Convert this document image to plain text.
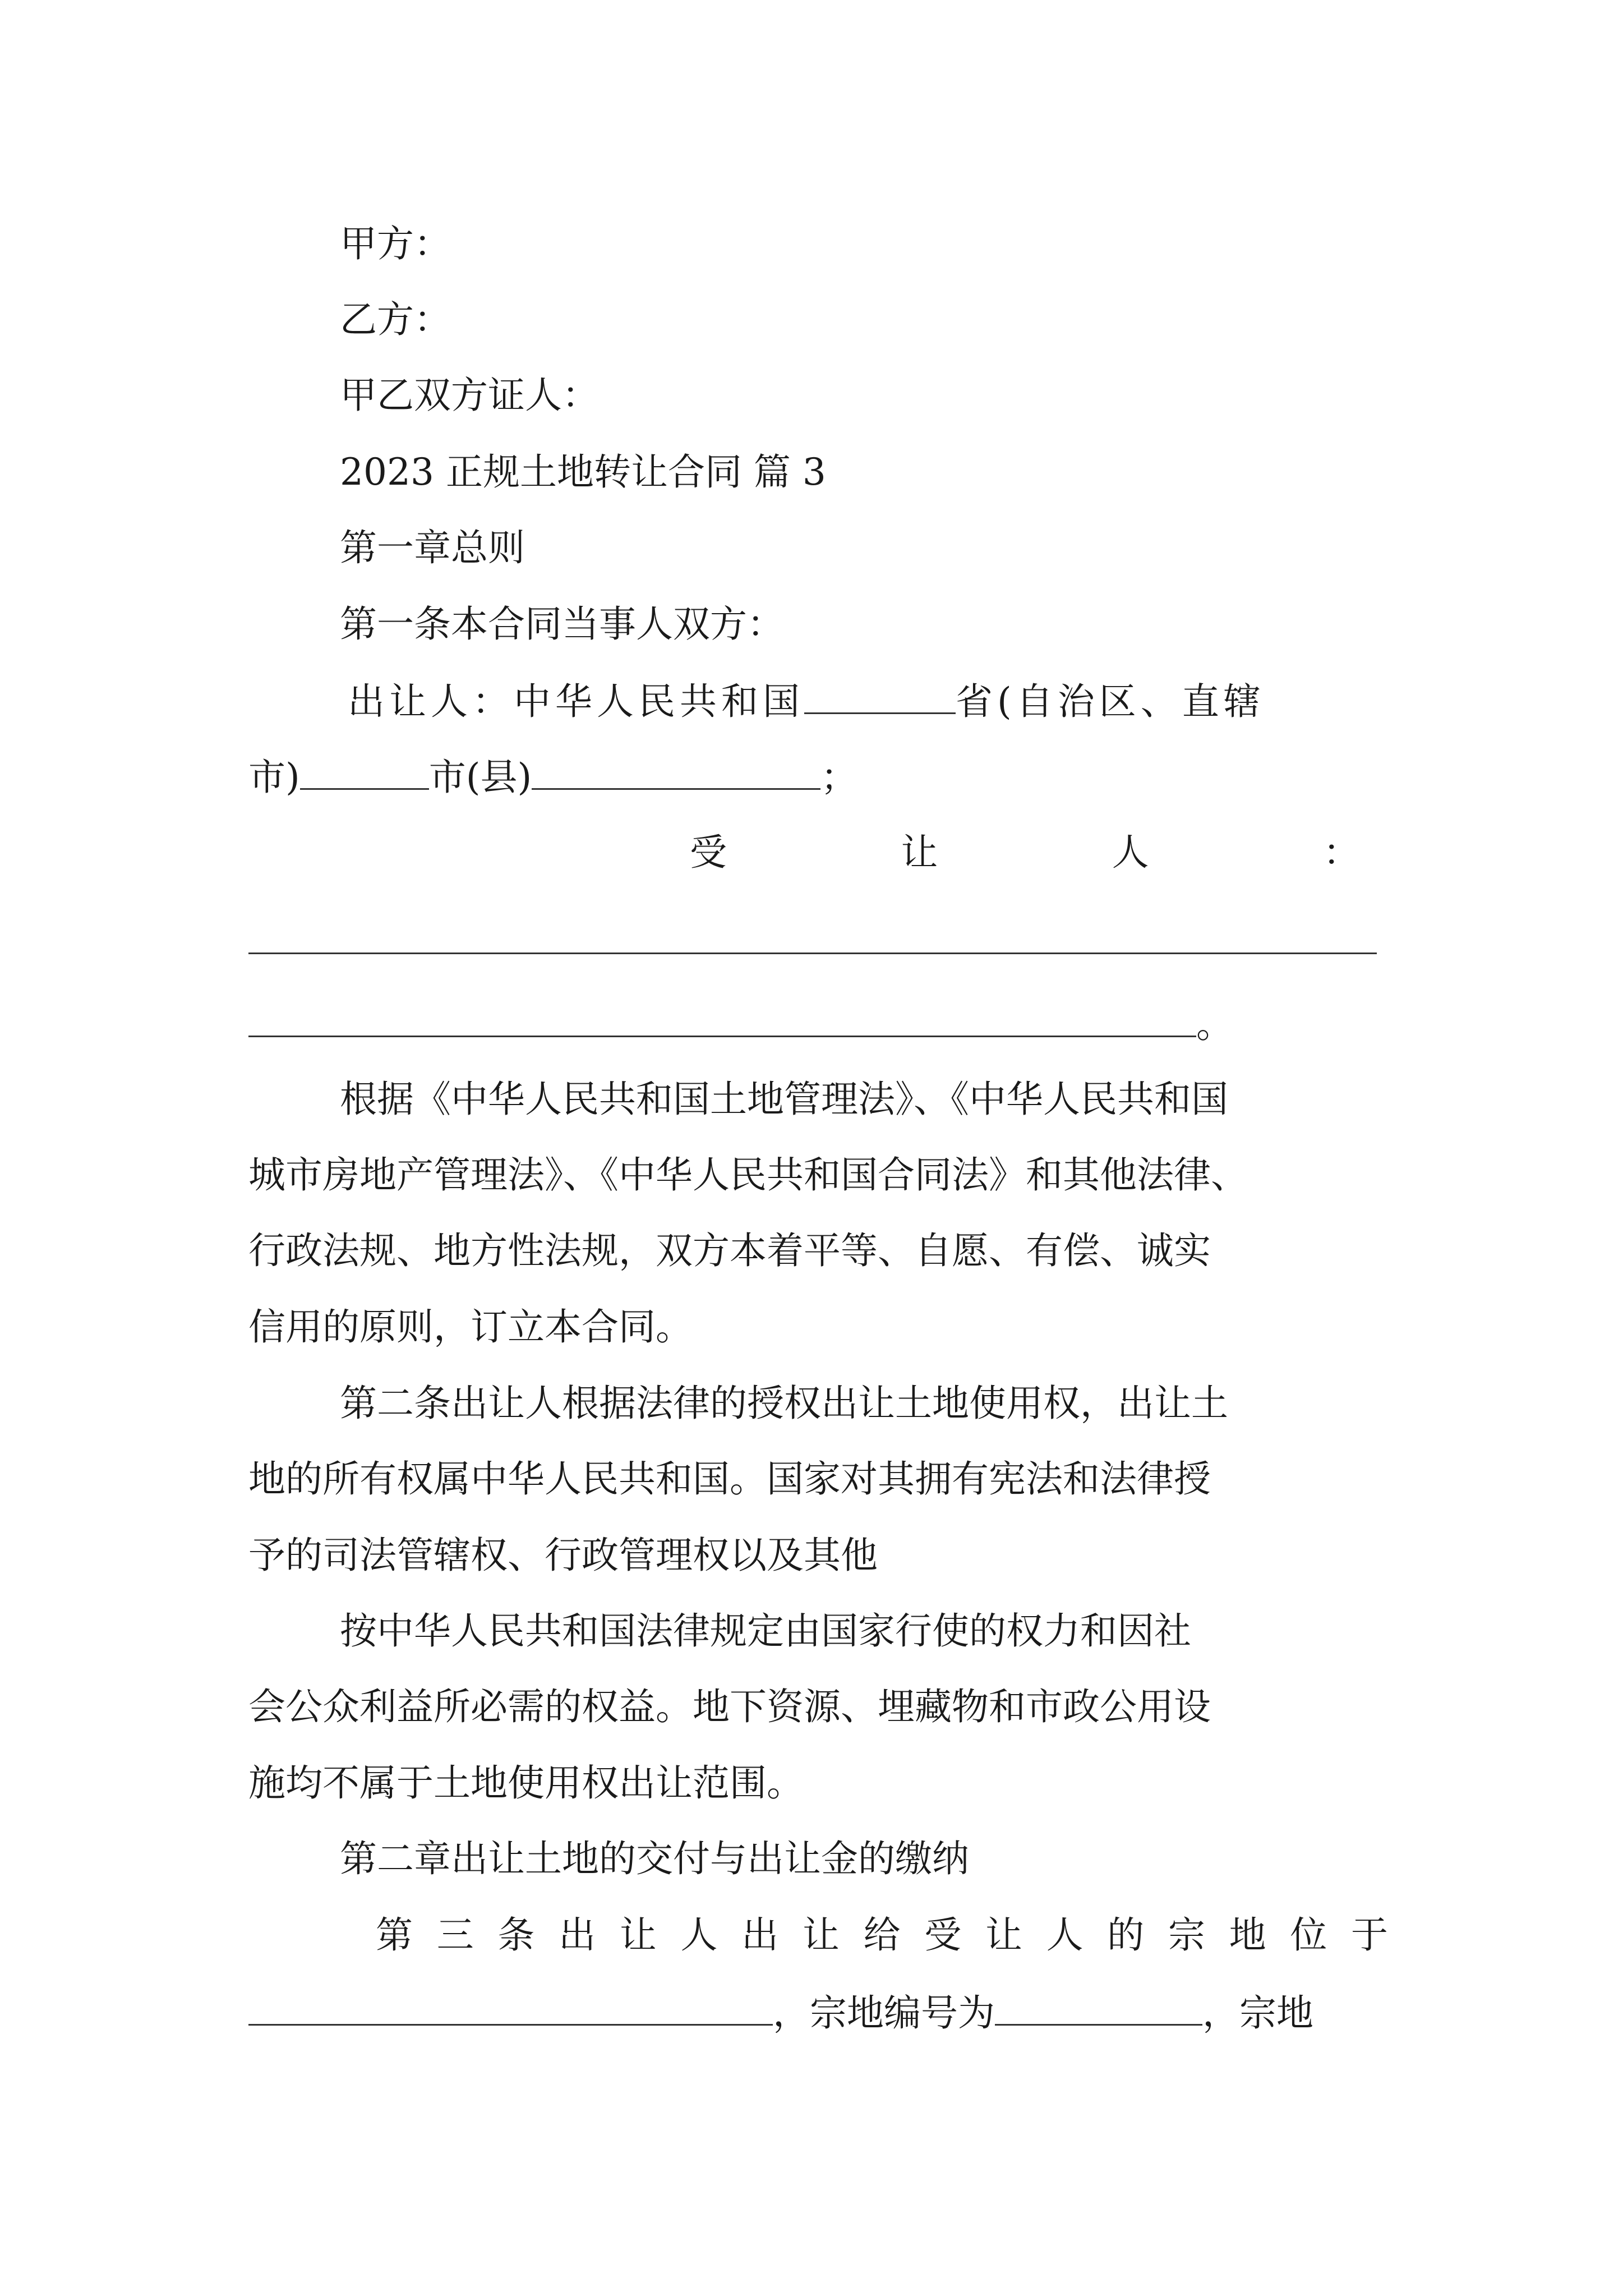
甲方：
乙方：
甲乙双方证人：
2023 正规土地转让合同 篇 3
第一章总则
第一条本合同当事人双方：
出让人：中华人民共和国	省(自治区、直辖
市)	市(县)	；
受	让	人	：
。
根据《中华人民共和国土地管理法》、《中华人民共和国
城市房地产管理法》、《中华人民共和国合同法》和其他法律、
行政法规、地方性法规，双方本着平等、自愿、有偿、诚实
信用的原则，订立本合同。
第二条出让人根据法律的授权出让土地使用权，出让土
地的所有权属中华人民共和国。国家对其拥有宪法和法律授
予的司法管辖权、行政管理权以及其他
按中华人民共和国法律规定由国家行使的权力和因社
会公众利益所必需的权益。地下资源、埋藏物和市政公用设
施均不属于土地使用权出让范围。
第二章出让土地的交付与出让金的缴纳
第 三 条 出 让 人 出 让 给 受 让 人 的 宗 地 位 于
，宗地编号为	，宗地
